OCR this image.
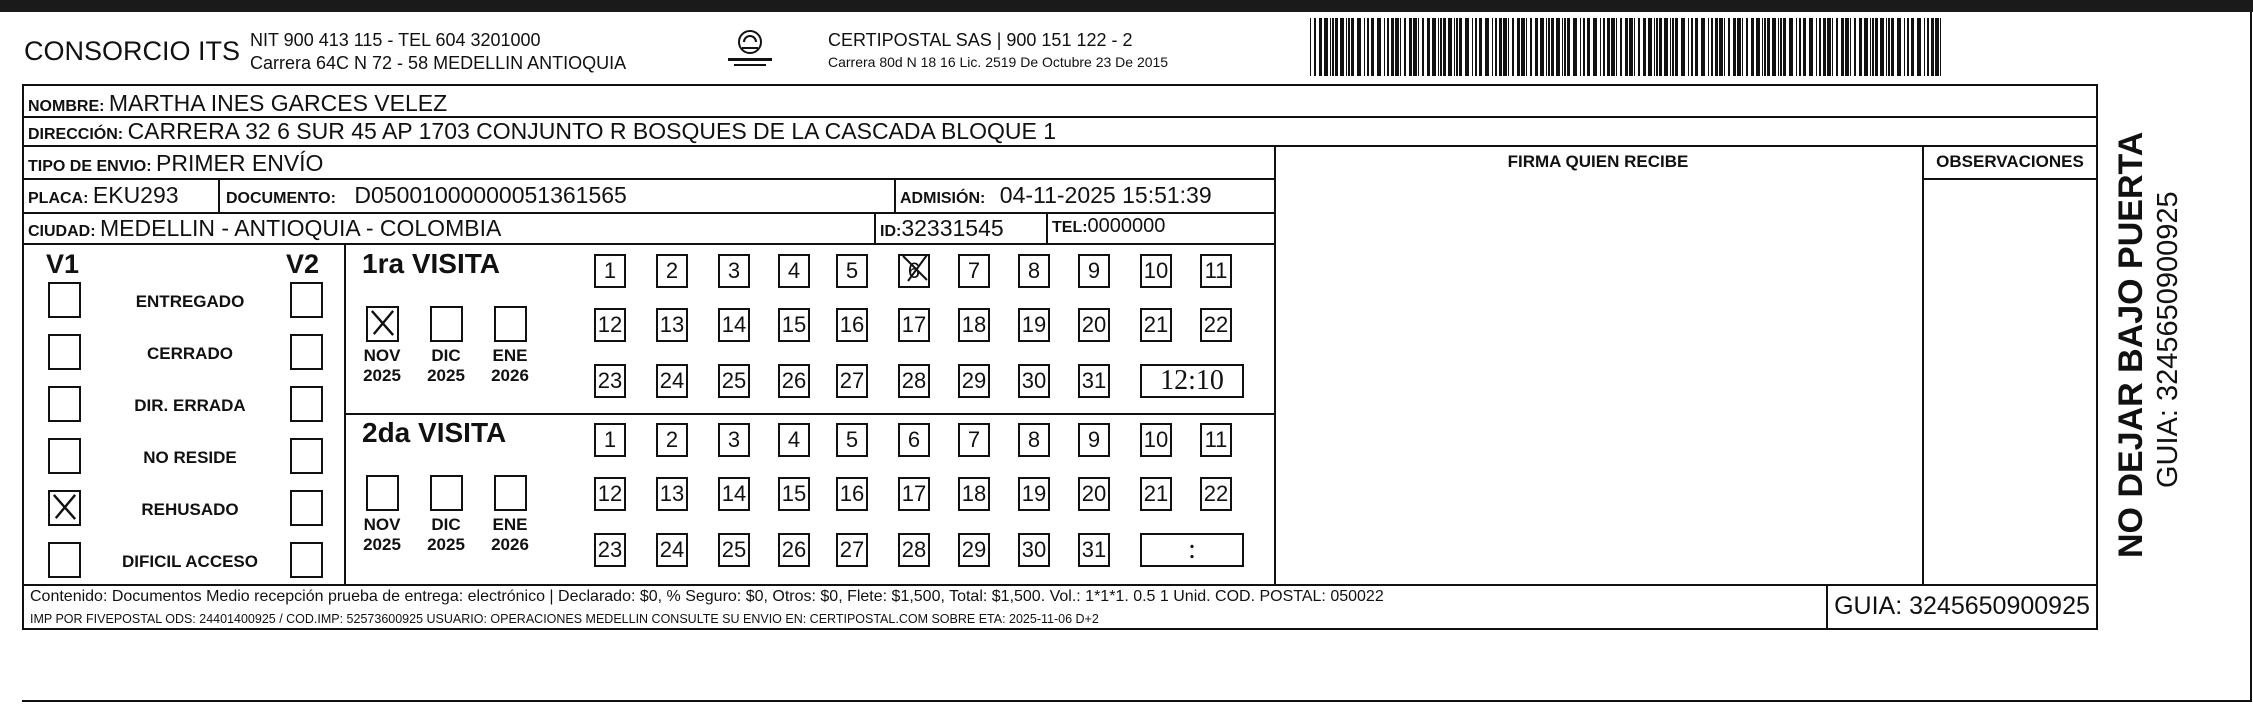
CONSORCIO ITS NIT 900 413 115 - TEL 604 3201000
Carrera 64C N 72 - 58 MEDELLIN ANTIOQUIA
CERTIPOSTAL SAS | 900 151 122 - 2
Carrera 80d N 18 16 Lic. 2519 De Octubre 23 De 2015
NOMBRE: MARTHA INES GARCES VELEZ
DIRECCIÓN: CARRERA 32 6 SUR 45 AP 1703 CONJUNTO R BOSQUES DE LA CASCADA BLOQUE 1
TIPO DE ENVIO: PRIMER ENVÍO
PLACA: EKU293	DOCUMENTO: D05001000000051361565	ADMISIÓN: 04-11-2025 15:51:39
CIUDAD: MEDELLIN - ANTIOQUIA - COLOMBIA	ID:32331545	TEL:0000000
FIRMA QUIEN RECIBE	OBSERVACIONES
V1	V2
ENTREGADO
CERRADO
DIR. ERRADA
NO RESIDE
REHUSADO
DIFICIL ACCESO
1ra VISITA
NOV
2025
DIC
2025
ENE
2026
1	2	3	4	5	6	7	8	9	10 11
12 13 14 15 16 17 18 19 20 21 22
23 24 25 26 27 28 29 30 31	12:10
2da VISITA
NOV
2025
DIC
2025
ENE
2026
1	2	3	4	5	6	7	8	9	10 11
12 13 14 15 16 17 18 19 20 21 22
23 24 25 26 27 28 29 30 31	:
Contenido: Documentos Medio recepción prueba de entrega: electrónico | Declarado: $0, % Seguro: $0, Otros: $0, Flete: $1,500, Total: $1,500. Vol.: 1*1*1. 0.5 1 Unid. COD. POSTAL: 050022
IMP POR FIVEPOSTAL ODS: 24401400925 / COD.IMP: 52573600925 USUARIO: OPERACIONES MEDELLIN CONSULTE SU ENVIO EN: CERTIPOSTAL.COM SOBRE ETA: 2025-11-06 D+2	GUIA: 3245650900925
NO DEJAR BAJO PUERTA GUIA: 3245650900925
